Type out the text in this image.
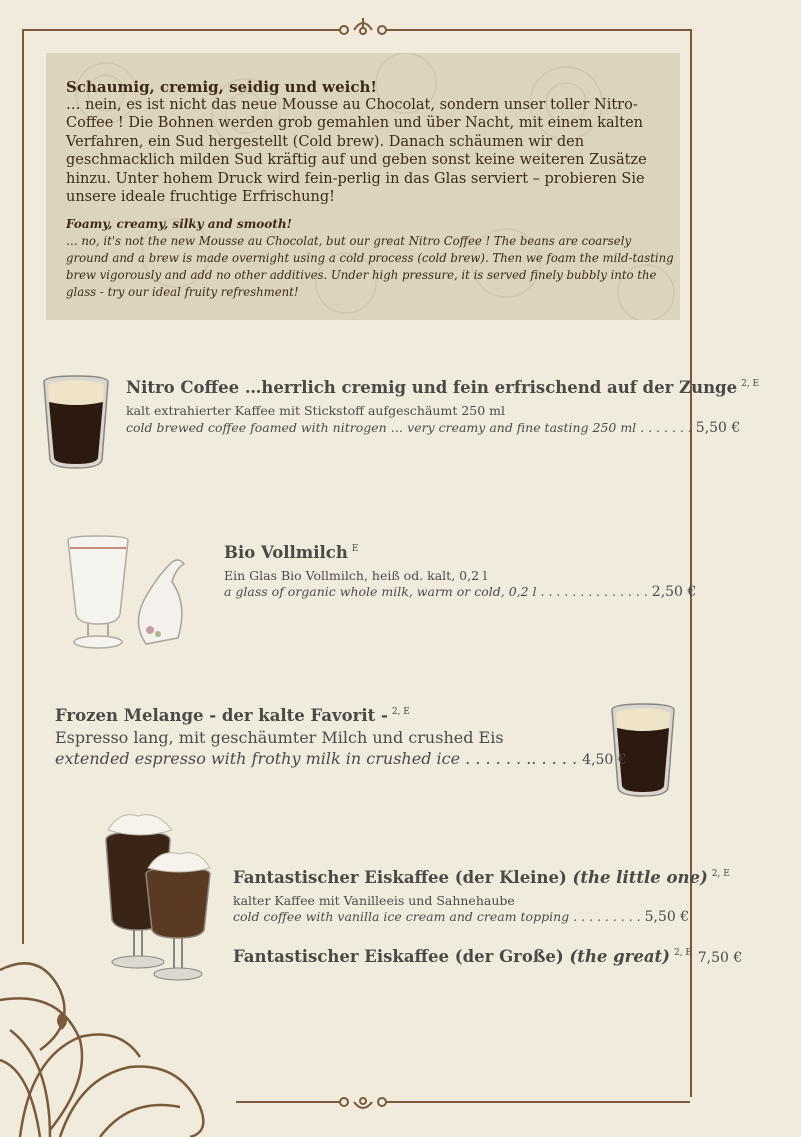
Schaumig, cremig, seidig und weich!
… nein, es ist nicht das neue Mousse au Chocolat, sondern unser toller Nitro-Coffee ! Die Bohnen werden grob gemahlen und über Nacht, mit einem kalten Verfahren, ein Sud hergestellt (Cold brew). Danach schäumen wir den geschmacklich milden Sud kräftig auf und geben sonst keine weiteren Zusätze hinzu. Unter hohem Druck wird fein-perlig in das Glas serviert – probieren Sie unsere ideale fruchtige Erfrischung!
Foamy, creamy, silky and smooth!
… no, it's not the new Mousse au Chocolat, but our great Nitro Coffee ! The beans are coarsely ground and a brew is made overnight using a cold process (cold brew). Then we foam the mild-tasting brew vigorously and add no other additives. Under high pressure, it is served finely bubbly into the glass - try our ideal fruity refreshment!
Nitro Coffee …herrlich cremig und fein erfrischend auf der Zunge $^{2, E}$
kalt extrahierter Kaffee mit Stickstoff aufgeschäumt 250 ml
cold brewed coffee foamed with nitrogen … very creamy and fine tasting 250 ml . . . . . . . 5,50 €
Bio Vollmilch $^E$
Ein Glas Bio Vollmilch, heiß od. kalt, 0,2 l
a glass of organic whole milk, warm or cold, 0,2 l . . . . . . . . . . . . . . 2,50 €
Frozen Melange - der kalte Favorit - $^{2, E}$
Espresso lang, mit geschäumter Milch und crushed Eis
extended espresso with frothy milk in crushed ice . . . . . . .. . . . . 4,50 €
Fantastischer Eiskaffee (der Kleine) (the little one) $^{2, E}$
kalter Kaffee mit Vanilleeis und Sahnehaube
cold coffee with vanilla ice cream and cream topping . . . . . . . . . 5,50 €
Fantastischer Eiskaffee (der Große) (the great) $^{2, E}$ 7,50 €
